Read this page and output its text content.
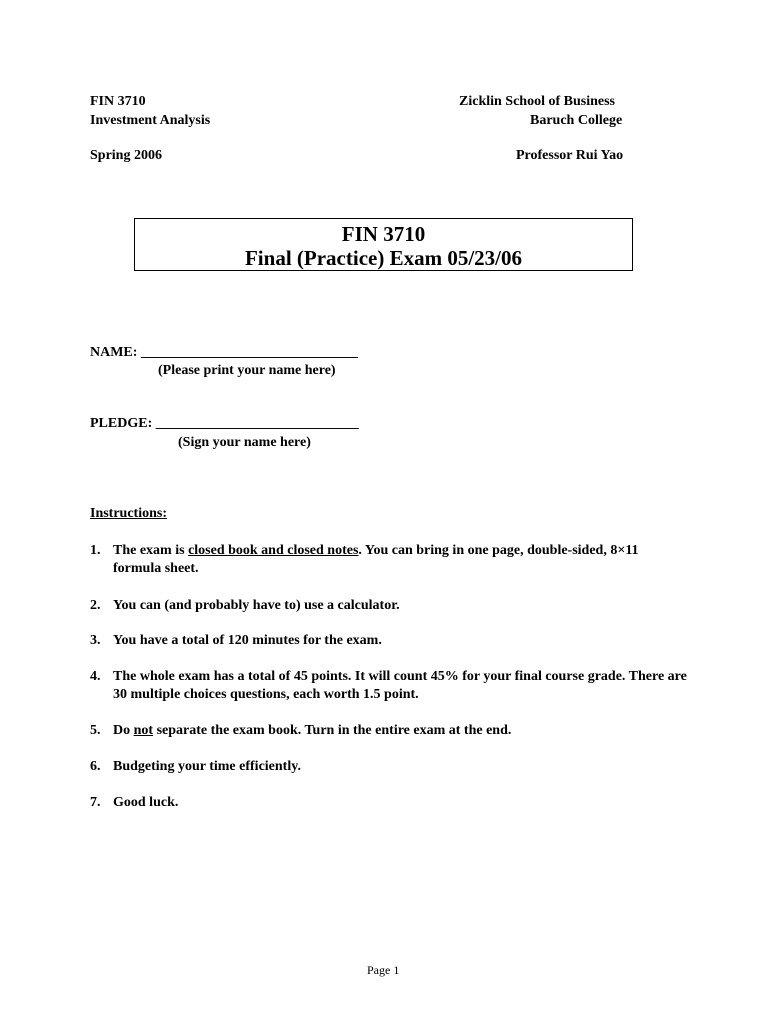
FIN 3710
Investment Analysis
Spring 2006
Zicklin School of Business
Baruch College
Professor Rui Yao
FIN 3710
Final (Practice) Exam 05/23/06
NAME: _______________________________
(Please print your name here)
PLEDGE: _____________________________
(Sign your name here)
Instructions:
1. The exam is closed book and closed notes. You can bring in one page, double-sided, 8×11 formula sheet.
2. You can (and probably have to) use a calculator.
3. You have a total of 120 minutes for the exam.
4. The whole exam has a total of 45 points. It will count 45% for your final course grade. There are 30 multiple choices questions, each worth 1.5 point.
5. Do not separate the exam book. Turn in the entire exam at the end.
6. Budgeting your time efficiently.
7. Good luck.
Page 1
